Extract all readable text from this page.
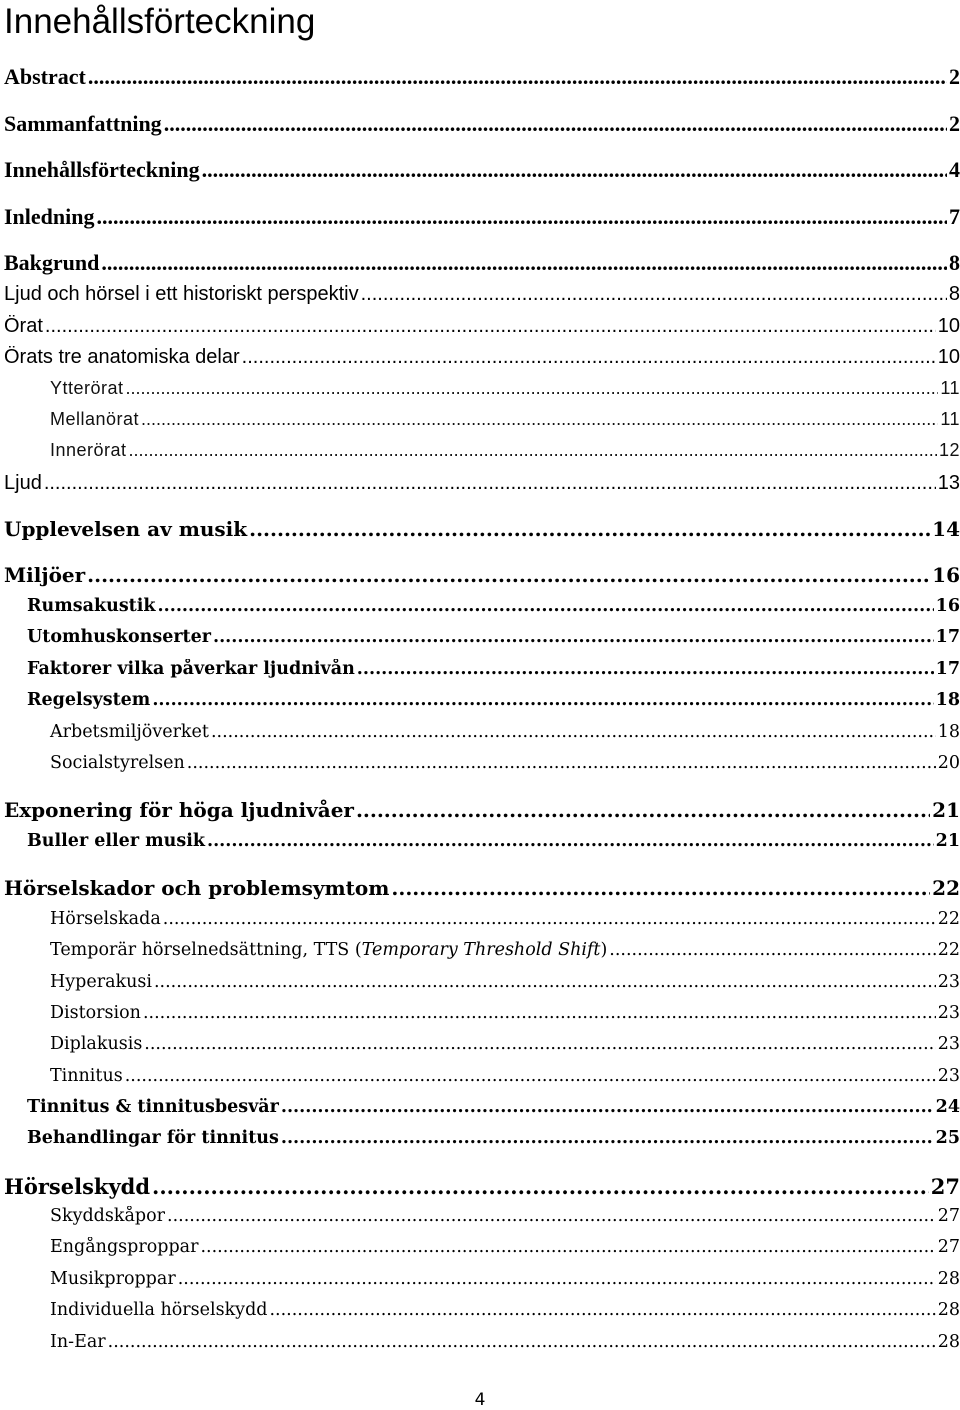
Innehållsförteckning
Abstract .....	2
Sammanfattning .....	2
Innehållsförteckning .....	4
Inledning .....	7
Bakgrund .....	8
Ljud och hörsel i ett historiskt perspektiv .....	8
Örat .....	10
Örats tre anatomiska delar .....	10
Ytterörat .....	11
Mellanörat .....	11
Innerörat .....	12
Ljud .....	13
Upplevelsen av musik .....	14
Miljöer .....	16
Rumsakustik .....	16
Utomhuskonserter .....	17
Faktorer vilka påverkar ljudnivån .....	17
Regelsystem .....	18
Arbetsmiljöverket .....	18
Socialstyrelsen .....	20
Exponering för höga ljudnivåer .....	21
Buller eller musik .....	21
Hörselskador och problemsymtom .....	22
Hörselskada .....	22
Temporär hörselnedsättning, TTS (Temporary Threshold Shift) .....	22
Hyperakusi .....	23
Distorsion .....	23
Diplakusis .....	23
Tinnitus .....	23
Tinnitus & tinnitusbesvär .....	24
Behandlingar för tinnitus .....	25
Hörselskydd .....	27
Skyddskåpor .....	27
Engångsproppar .....	27
Musikproppar .....	28
Individuella hörselskydd .....	28
In-Ear .....	28
4
